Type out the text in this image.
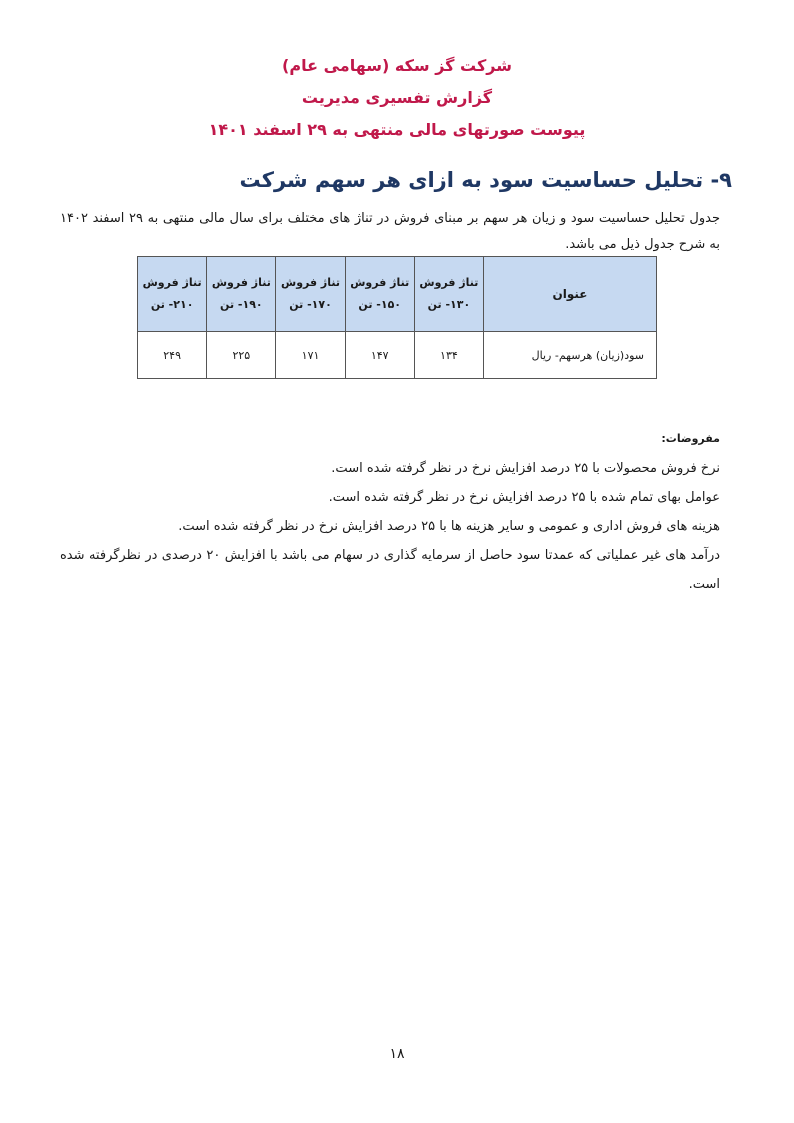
شرکت گز سکه (سهامی عام)
گزارش تفسیری مدیریت
پیوست صورتهای مالی منتهی به ۲۹ اسفند ۱۴۰۱
۹- تحلیل حساسیت سود به ازای هر سهم شرکت
جدول تحلیل حساسیت سود و زیان هر سهم بر مبنای فروش در تناژ های مختلف برای سال مالی منتهی به ۲۹ اسفند ۱۴۰۲ به شرح جدول ذیل می باشد.
عنوان	تناژ فروش ۱۳۰- تن	تناژ فروش ۱۵۰- تن	تناژ فروش ۱۷۰- تن	تناژ فروش ۱۹۰- تن	تناژ فروش ۲۱۰- تن
سود(زیان) هرسهم- ریال	۱۳۴	۱۴۷	۱۷۱	۲۲۵	۲۴۹
مفروضات:

نرخ فروش محصولات با ۲۵ درصد افزایش نرخ در نظر گرفته شده است.

عوامل بهای تمام شده با ۲۵ درصد افزایش نرخ در نظر گرفته شده است.

هزینه های فروش اداری و عمومی و سایر هزینه ها با ۲۵ درصد افزایش نرخ در نظر گرفته شده است.

درآمد های غیر عملیاتی که عمدتا سود حاصل از سرمایه گذاری در سهام می باشد با افزایش ۲۰ درصدی در نظرگرفته شده است.

۱۸
